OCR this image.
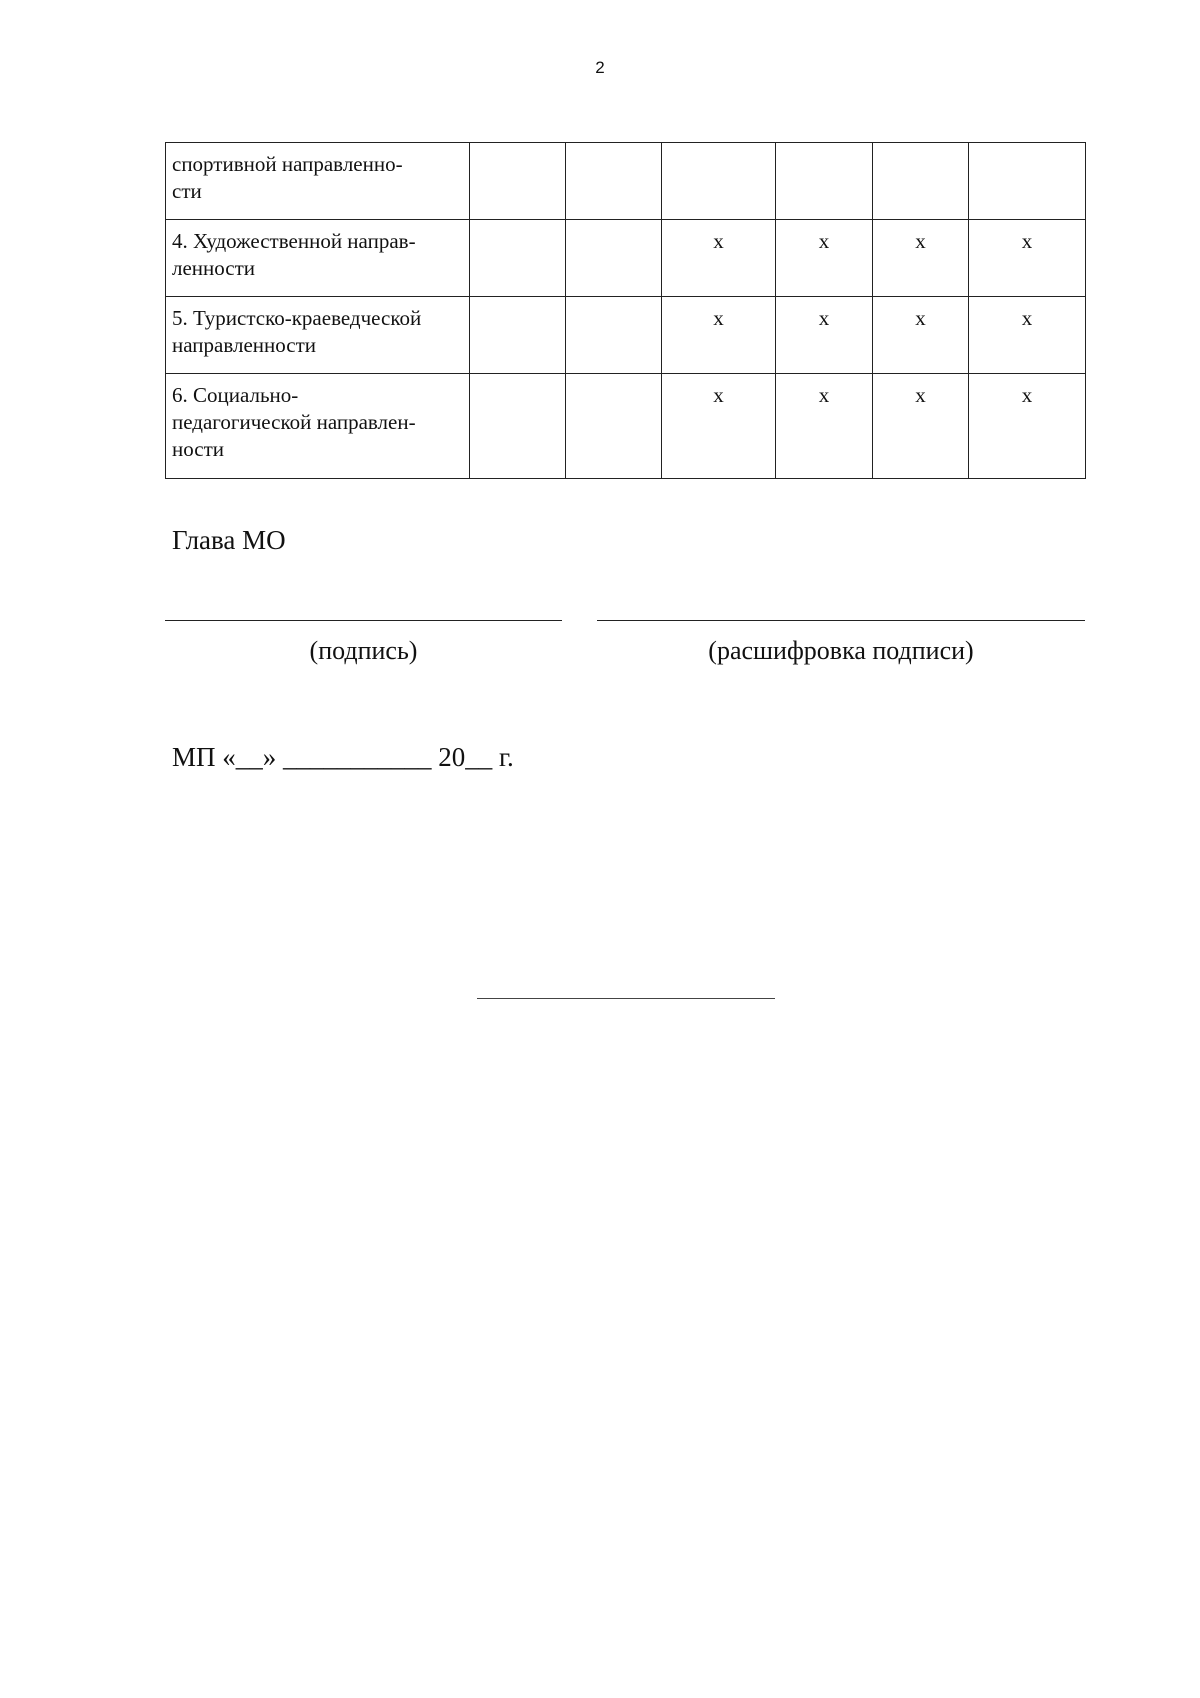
2
спортивной направленно-
сти						
4. Художественной направ-
ленности			x	x	x	x
5. Туристско-краеведческой
направленности			x	x	x	x
6. Социально-
педагогической направлен-
ности			x	x	x	x
Глава МО
(подпись)	(расшифровка подписи)
МП «__» ___________ 20__ г.
